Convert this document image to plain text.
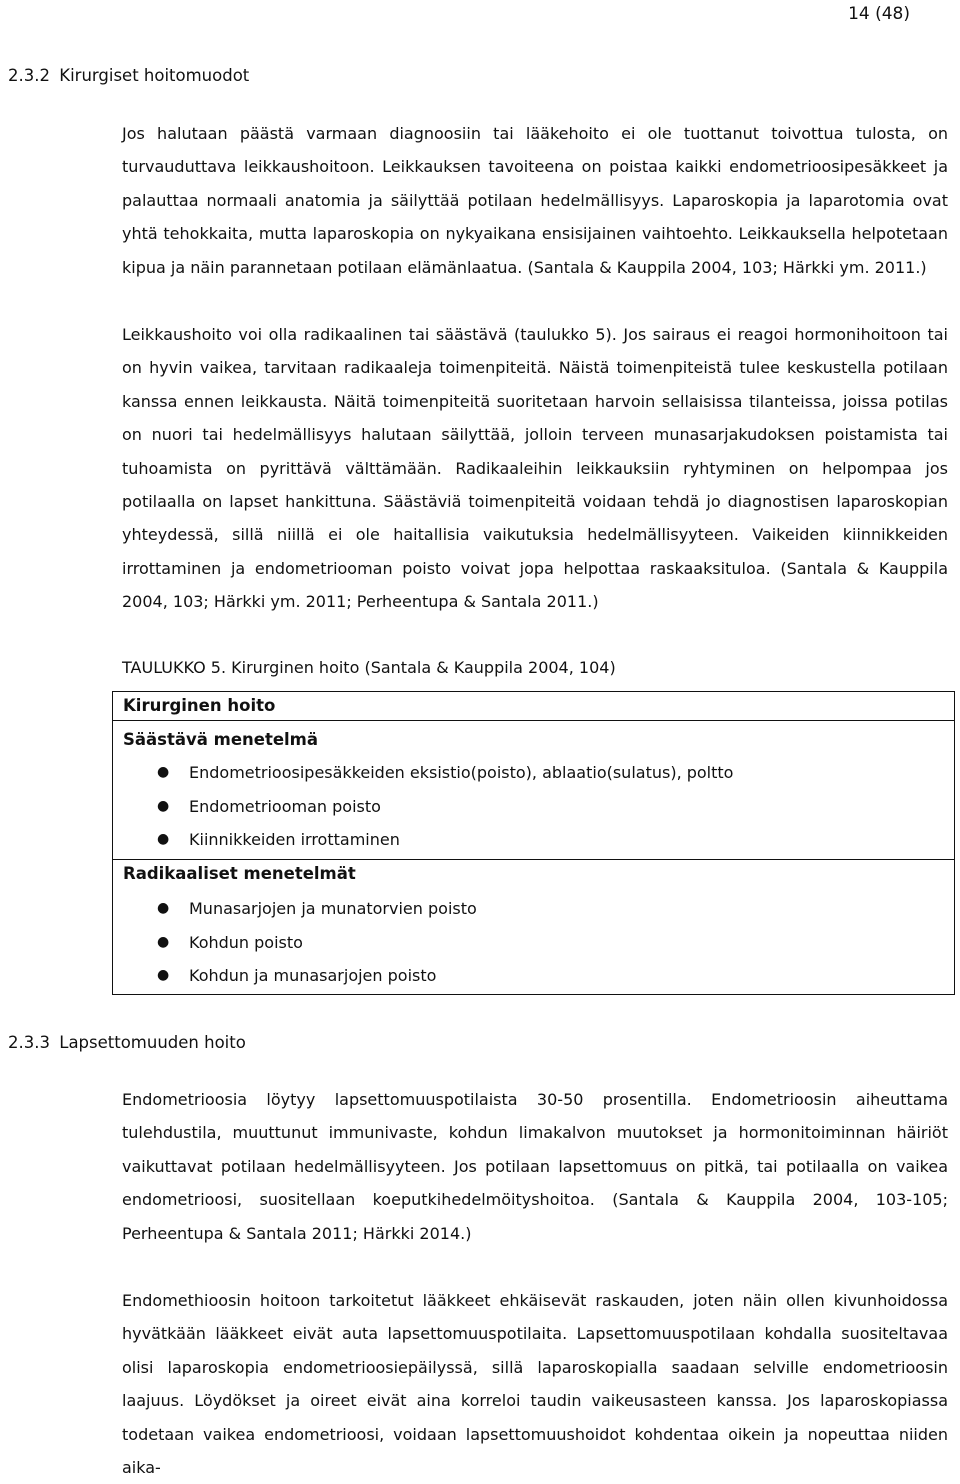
14 (48)
2.3.2 Kirurgiset hoitomuodot

Jos halutaan päästä varmaan diagnoosiin tai lääkehoito ei ole tuottanut toivottua tulosta, on turvauduttava leikkaushoitoon. Leikkauksen tavoiteena on poistaa kaikki endometrioosipesäkkeet ja palauttaa normaali anatomia ja säilyttää potilaan hedelmällisyys. Laparoskopia ja laparotomia ovat yhtä tehokkaita, mutta laparoskopia on nykyaikana ensisijainen vaihtoehto. Leikkauksella helpotetaan kipua ja näin parannetaan potilaan elämänlaatua. (Santala & Kauppila 2004, 103; Härkki ym. 2011.)

Leikkaushoito voi olla radikaalinen tai säästävä (taulukko 5). Jos sairaus ei reagoi hormonihoitoon tai on hyvin vaikea, tarvitaan radikaaleja toimenpiteitä. Näistä toimenpiteistä tulee keskustella potilaan kanssa ennen leikkausta. Näitä toimenpiteitä suoritetaan harvoin sellaisissa tilanteissa, joissa potilas on nuori tai hedelmällisyys halutaan säilyttää, jolloin terveen munasarjakudoksen poistamista tai tuhoamista on pyrittävä välttämään. Radikaaleihin leikkauksiin ryhtyminen on helpompaa jos potilaalla on lapset hankittuna. Säästäviä toimenpiteitä voidaan tehdä jo diagnostisen laparoskopian yhteydessä, sillä niillä ei ole haitallisia vaikutuksia hedelmällisyyteen. Vaikeiden kiinnikkeiden irrottaminen ja endometriooman poisto voivat jopa helpottaa raskaaksituloa. (Santala & Kauppila 2004, 103; Härkki ym. 2011; Perheentupa & Santala 2011.)

TAULUKKO 5. Kirurginen hoito (Santala & Kauppila 2004, 104)
Kirurginen hoito
Säästävä menetelmä
● Endometrioosipesäkkeiden eksistio(poisto), ablaatio(sulatus), poltto
● Endometriooman poisto
● Kiinnikkeiden irrottaminen
Radikaaliset menetelmät
● Munasarjojen ja munatorvien poisto
● Kohdun poisto
● Kohdun ja munasarjojen poisto
2.3.3 Lapsettomuuden hoito

Endometrioosia löytyy lapsettomuuspotilaista 30-50 prosentilla. Endometrioosin aiheuttama tulehdustila, muuttunut immunivaste, kohdun limakalvon muutokset ja hormonitoiminnan häiriöt vaikuttavat potilaan hedelmällisyyteen. Jos potilaan lapsettomuus on pitkä, tai potilaalla on vaikea endometrioosi, suositellaan koeputkihedelmöityshoitoa. (Santala & Kauppila 2004, 103-105; Perheentupa & Santala 2011; Härkki 2014.)

Endomethioosin hoitoon tarkoitetut lääkkeet ehkäisevät raskauden, joten näin ollen kivunhoidossa hyvätkään lääkkeet eivät auta lapsettomuuspotilaita. Lapsettomuuspotilaan kohdalla suositeltavaa olisi laparoskopia endometrioosiepäilyssä, sillä laparoskopialla saadaan selville endometrioosin laajuus. Löydökset ja oireet eivät aina korreloi taudin vaikeusasteen kanssa. Jos laparoskopiassa todetaan vaikea endometrioosi, voidaan lapsettomuushoidot kohdentaa oikein ja nopeuttaa niiden aika-
